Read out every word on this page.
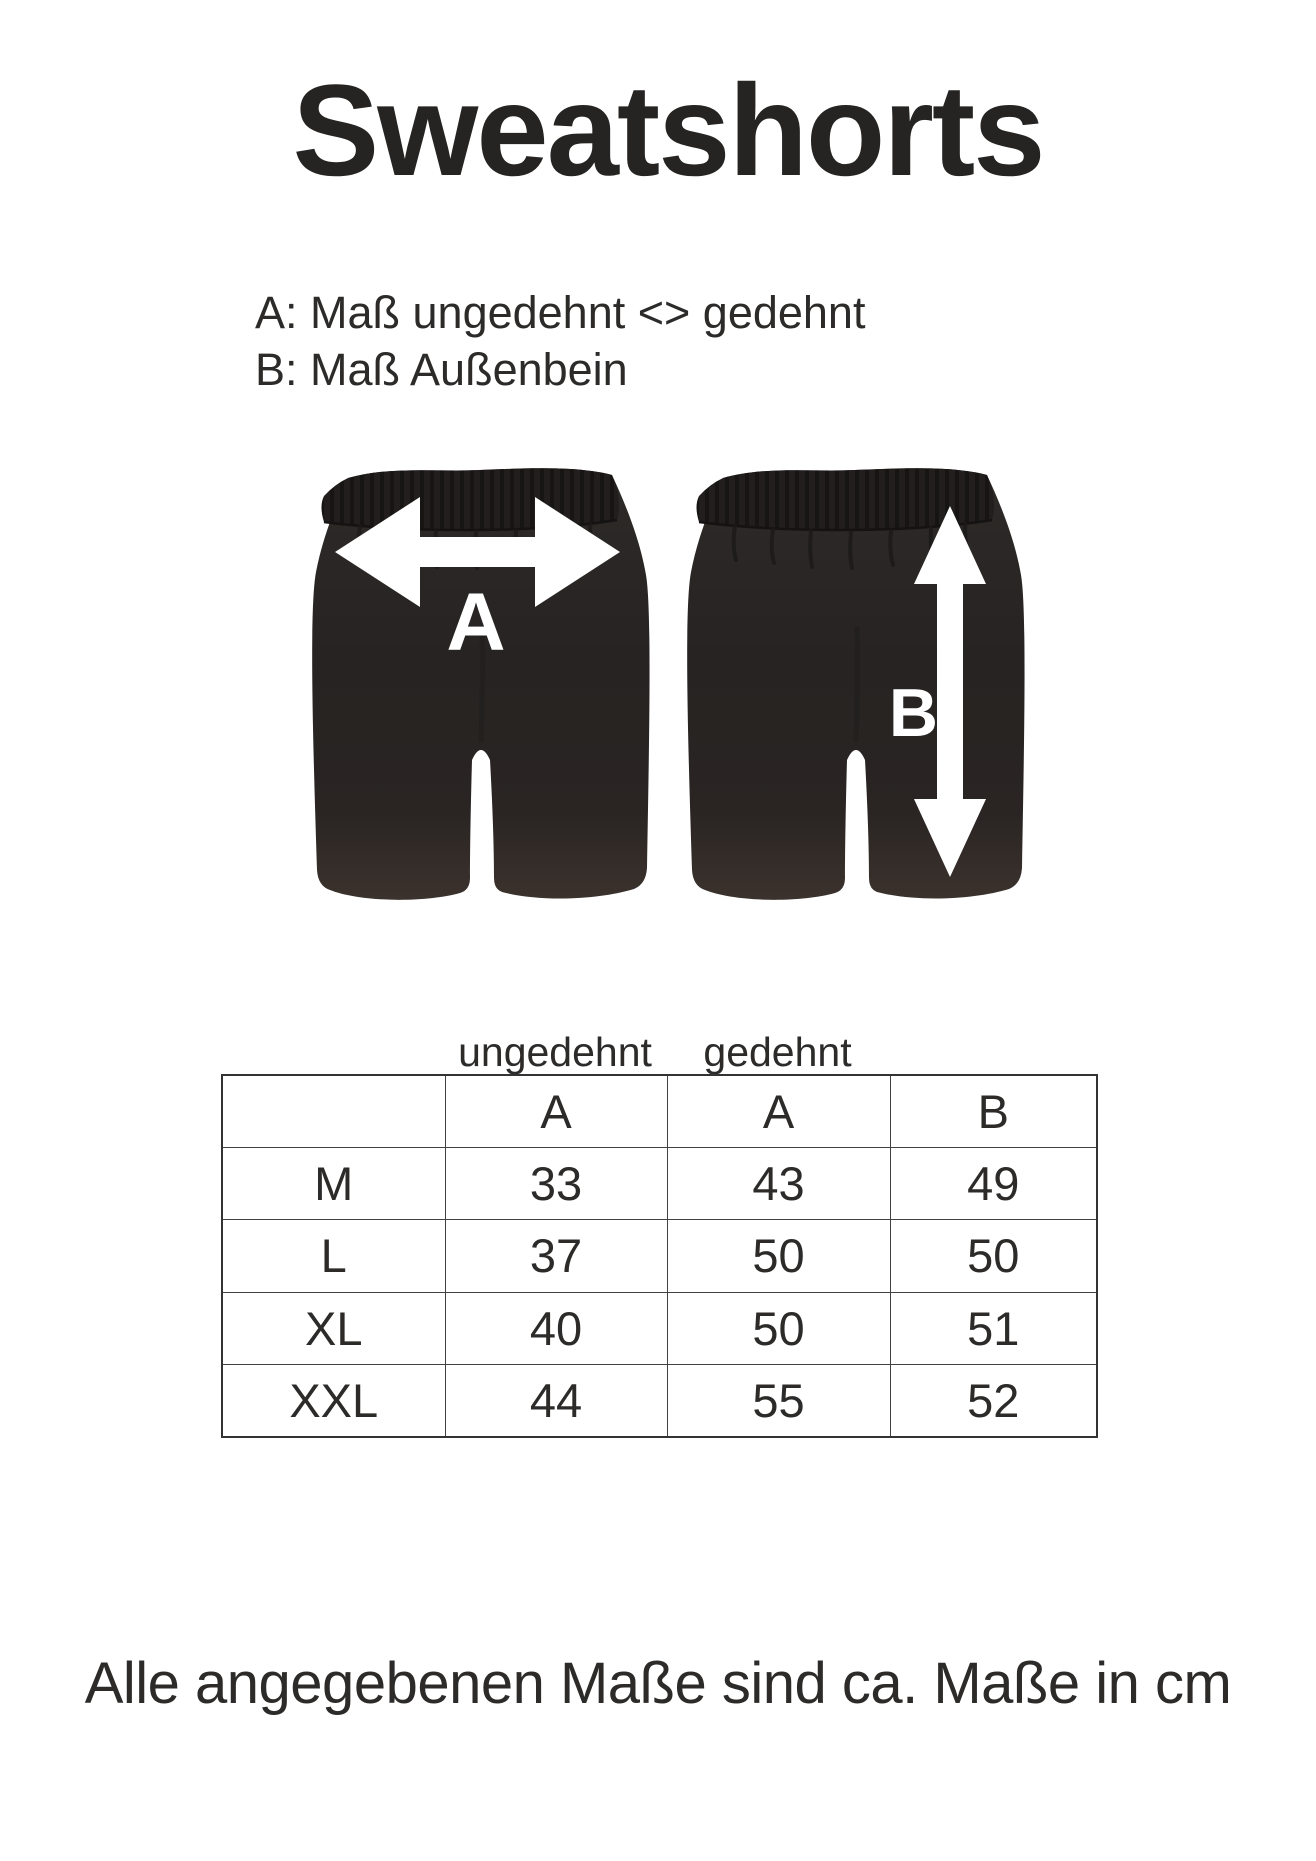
Sweatshorts
A: Maß ungedehnt <> gedehnt
B: Maß Außenbein
A
B
ungedehnt	gedehnt
	A	A	B
M	33	43	49
L	37	50	50
XL	40	50	51
XXL	44	55	52

Alle angegebenen Maße sind ca. Maße in cm
